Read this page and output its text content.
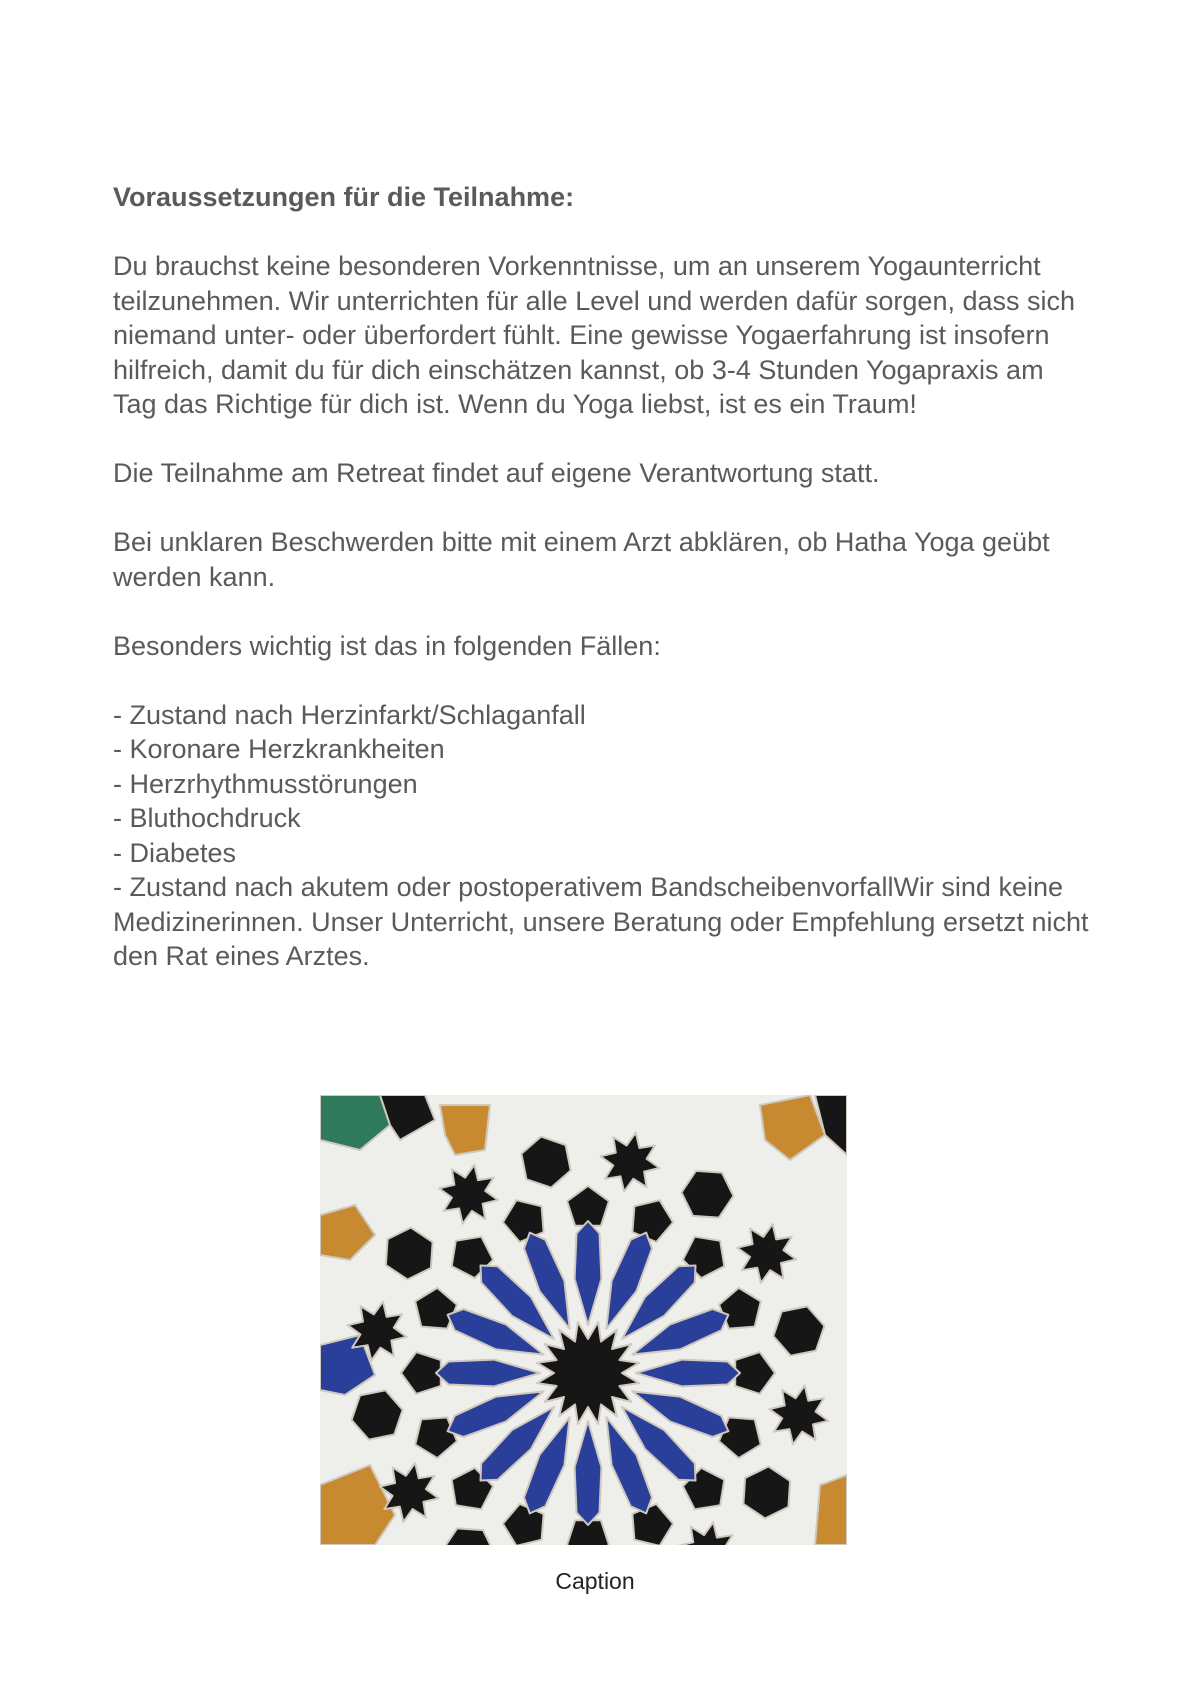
Voraussetzungen für die Teilnahme:

Du brauchst keine besonderen Vorkenntnisse, um an unserem Yogaunterricht teilzunehmen. Wir unterrichten für alle Level und werden dafür sorgen, dass sich niemand unter- oder überfordert fühlt. Eine gewisse Yogaerfahrung ist insofern hilfreich, damit du für dich einschätzen kannst, ob 3-4 Stunden Yogapraxis am Tag das Richtige für dich ist. Wenn du Yoga liebst, ist es ein Traum!

Die Teilnahme am Retreat findet auf eigene Verantwortung statt.

Bei unklaren Beschwerden bitte mit einem Arzt abklären, ob Hatha Yoga geübt werden kann.

Besonders wichtig ist das in folgenden Fällen:

- Zustand nach Herzinfarkt/Schlaganfall
- Koronare Herzkrankheiten
- Herzrhythmusstörungen
- Bluthochdruck
- Diabetes
- Zustand nach akutem oder postoperativem BandscheibenvorfallWir sind keine Medizinerinnen. Unser Unterricht, unsere Beratung oder Empfehlung ersetzt nicht den Rat eines Arztes.
Caption
